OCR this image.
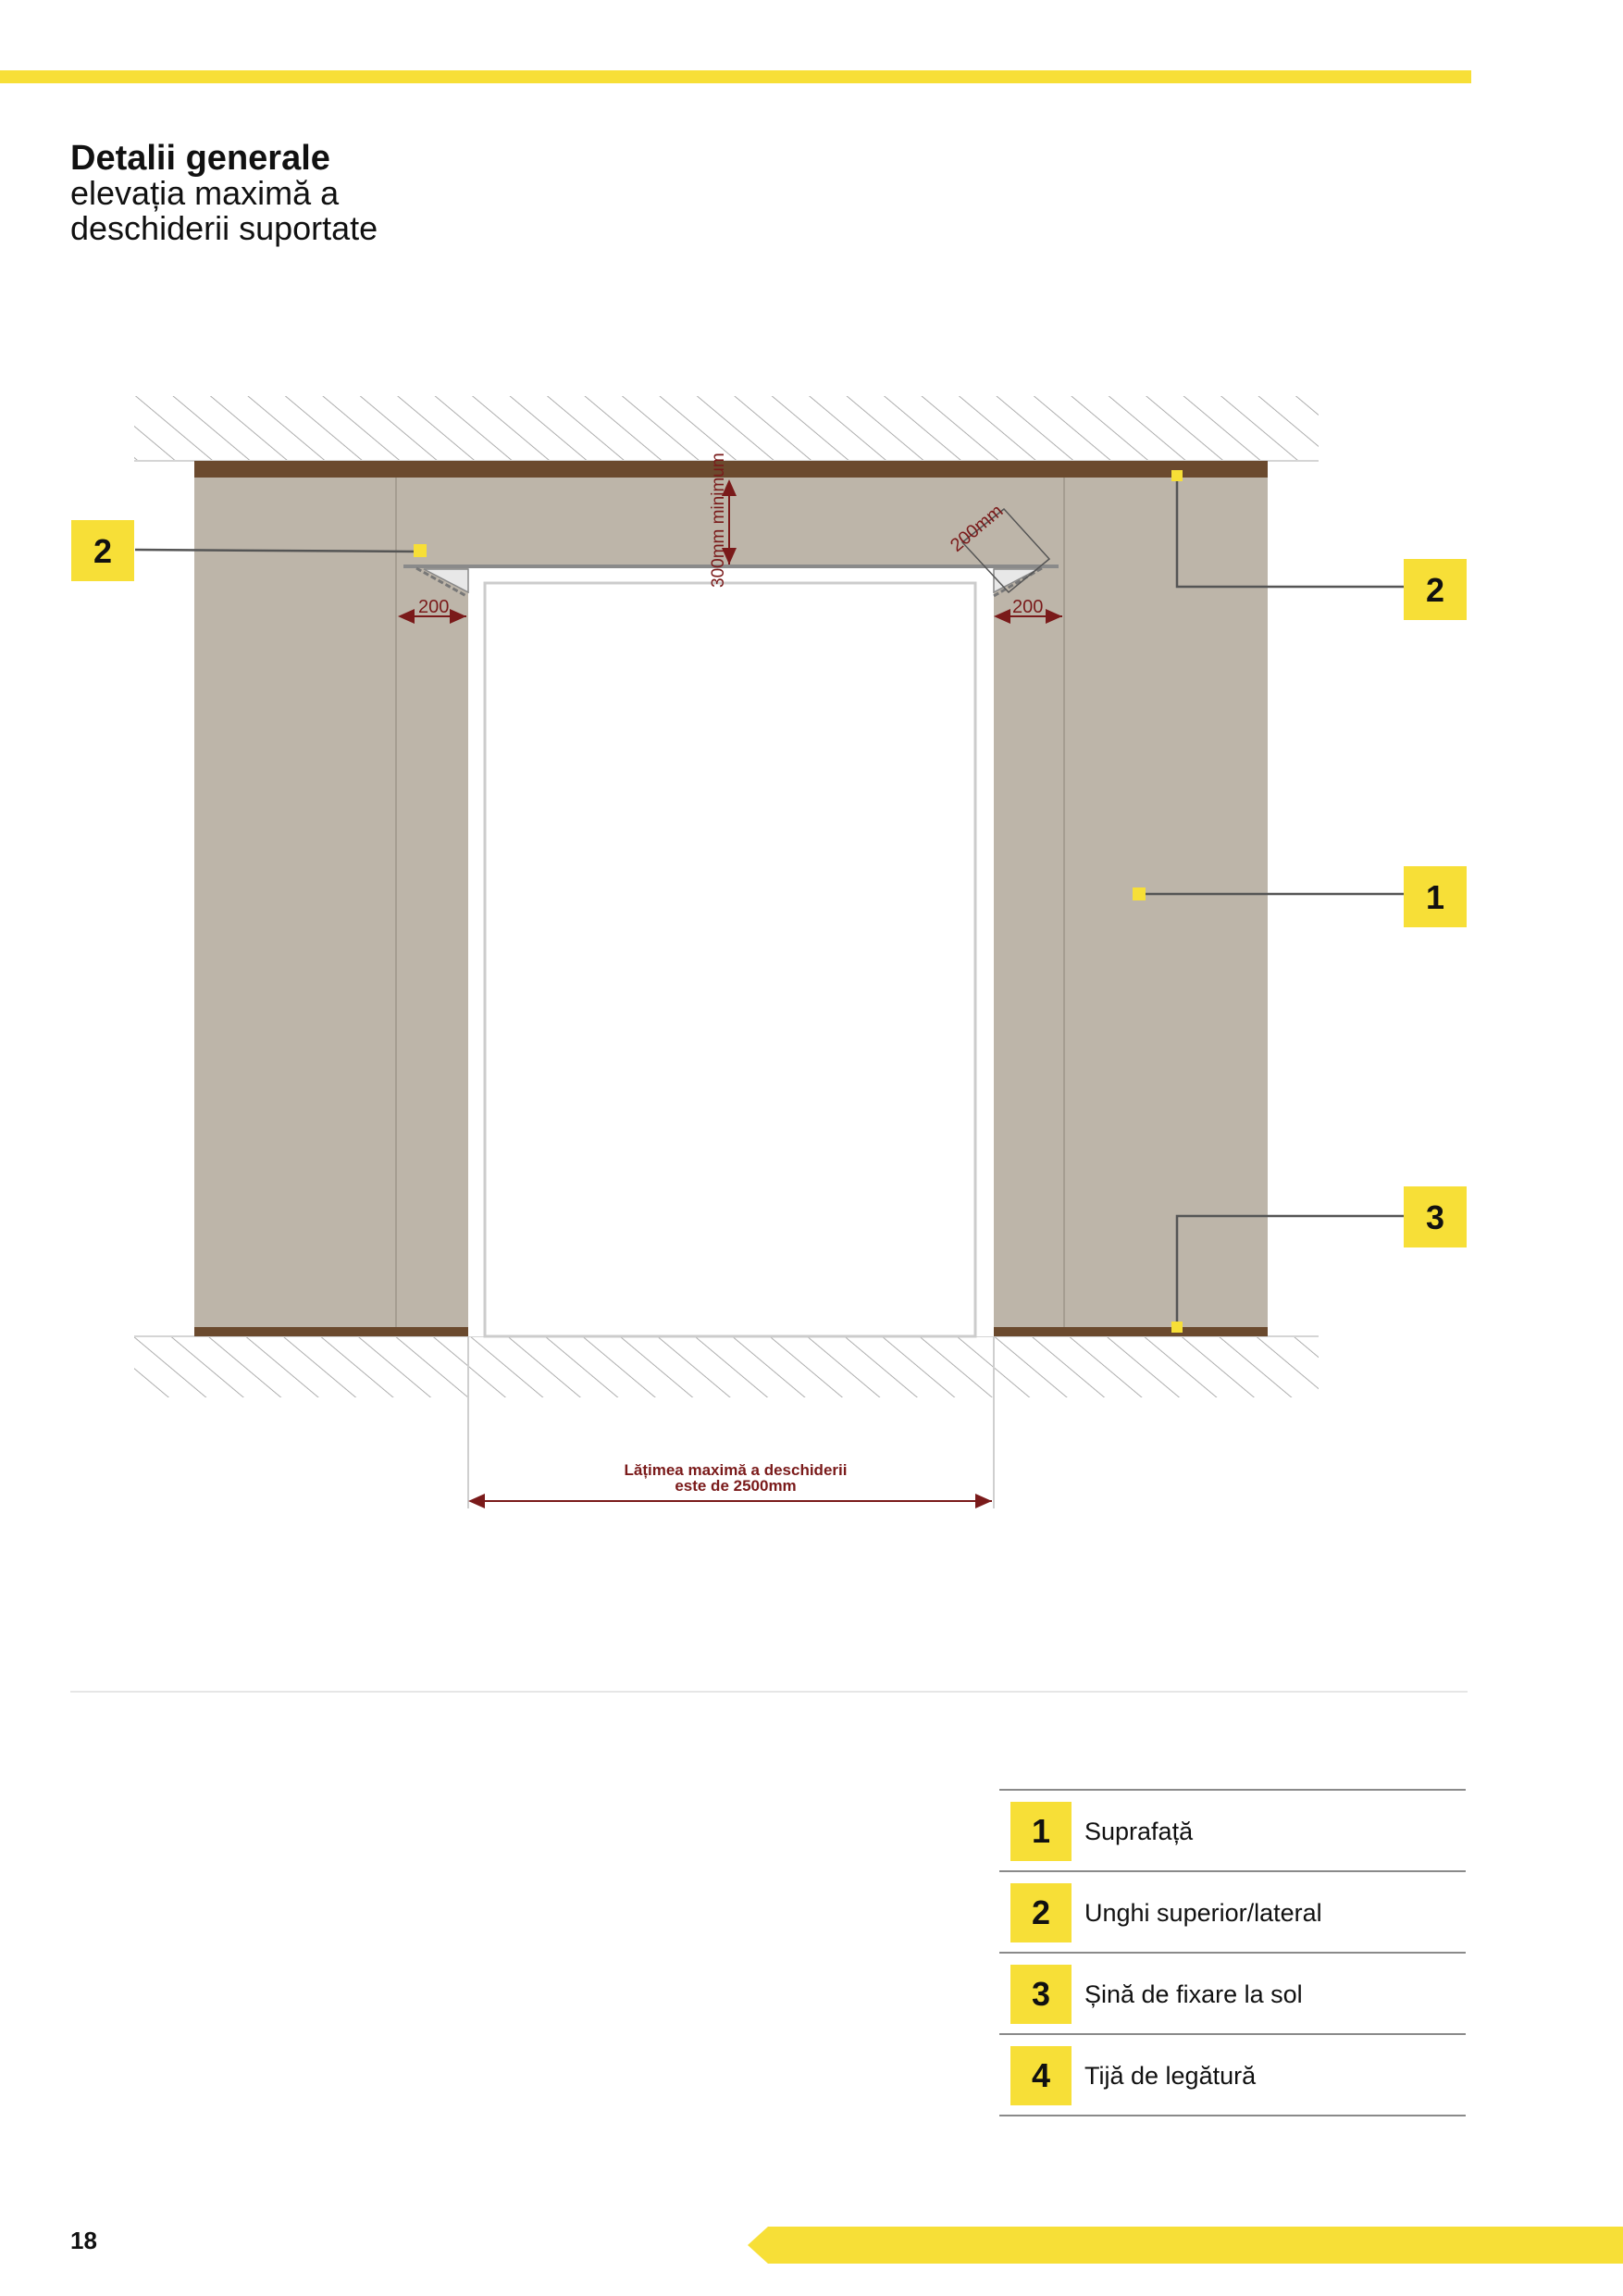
Detalii generale
elevația maximă a
deschiderii suportate
300mm minimum	200mm
200	200
Lățimea maximă a deschiderii
este de 2500mm
2
2
1
3
1	Suprafață
2	Unghi superior/lateral
3	Șină de fixare la sol
4	Tijă de legătură
18
